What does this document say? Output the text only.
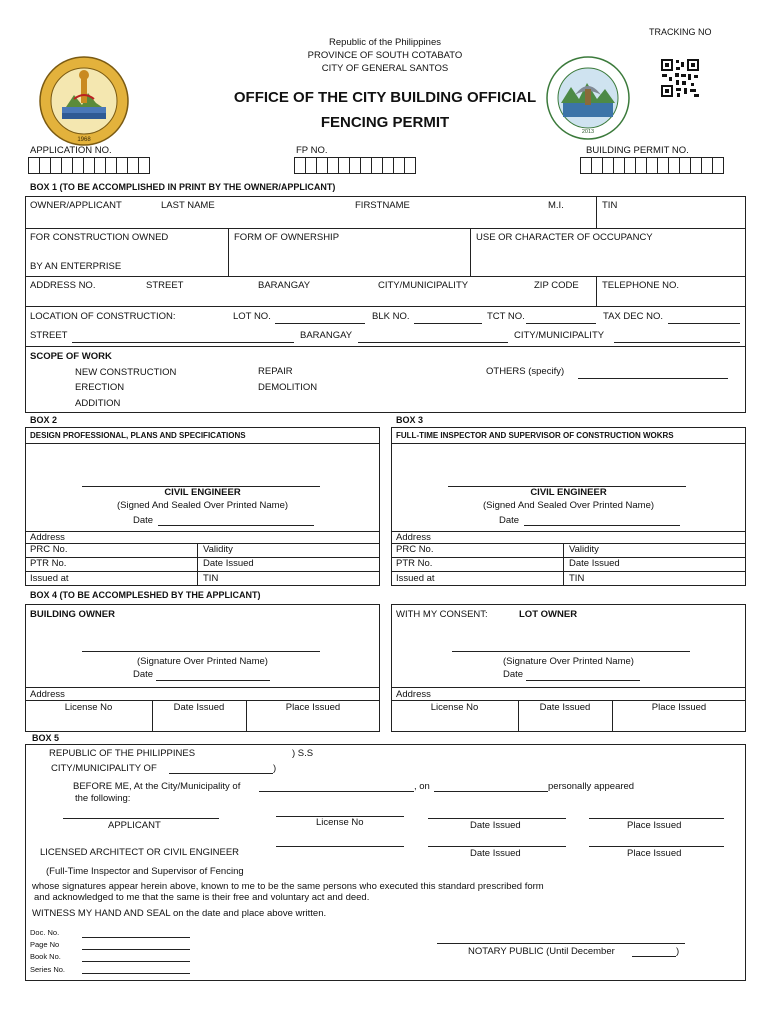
TRACKING NO
1968
2013
Republic of the Philippines
PROVINCE OF SOUTH COTABATO
CITY OF GENERAL SANTOS
OFFICE OF THE CITY BUILDING OFFICIAL
FENCING PERMIT
APPLICATION NO.	FP NO.	BUILDING PERMIT NO.
BOX 1 (TO BE ACCOMPLISHED IN PRINT BY THE OWNER/APPLICANT)
OWNER/APPLICANT	LAST NAME	FIRSTNAME	M.I.	TIN
FOR CONSTRUCTION OWNED
BY AN ENTERPRISE
FORM OF OWNERSHIP	USE OR CHARACTER OF OCCUPANCY
ADDRESS NO.	STREET	BARANGAY	CITY/MUNICIPALITY	ZIP CODE TELEPHONE NO.
LOCATION OF CONSTRUCTION:	LOT NO.	BLK NO.	TCT NO.	TAX DEC NO.
STREET	BARANGAY	CITY/MUNICIPALITY
SCOPE OF WORK
NEW CONSTRUCTION
ERECTION
ADDITION
REPAIR
DEMOLITION
OTHERS (specify)
BOX 2
DESIGN PROFESSIONAL, PLANS AND SPECIFICATIONS
CIVIL ENGINEER
(Signed And Sealed Over Printed Name)
Date
Address
PRC No.	Validity
PTR No.	Date Issued
Issued at	TIN
BOX 3
FULL-TIME INSPECTOR AND SUPERVISOR OF CONSTRUCTION WOKRS
CIVIL ENGINEER
(Signed And Sealed Over Printed Name)
Date
Address
PRC No.	Validity
PTR No.	Date Issued
Issued at	TIN
BOX 4 (TO BE ACCOMPLESHED BY THE APPLICANT)
BUILDING OWNER
(Signature Over Printed Name)
Date
Address
License No	Date Issued	Place Issued
WITH MY CONSENT:	LOT OWNER
(Signature Over Printed Name)
Date
Address
License No	Date Issued	Place Issued
BOX 5
REPUBLIC OF THE PHILIPPINES	) S.S
CITY/MUNICIPALITY OF	)
BEFORE ME, At the City/Municipality of	, on	personally appeared
the following:
APPLICANT	License No	Date Issued	Place Issued
LICENSED ARCHITECT OR CIVIL ENGINEER	Date Issued	Place Issued
(Full-Time Inspector and Supervisor of Fencing
whose signatures appear herein above, known to me to be the same persons who executed this standard prescribed form
and acknowledged to me that the same is their free and voluntary act and deed.
WITNESS MY HAND AND SEAL on the date and place above written.
Doc. No.
Page No
Book No.
Series No.
NOTARY PUBLIC (Until December	)
